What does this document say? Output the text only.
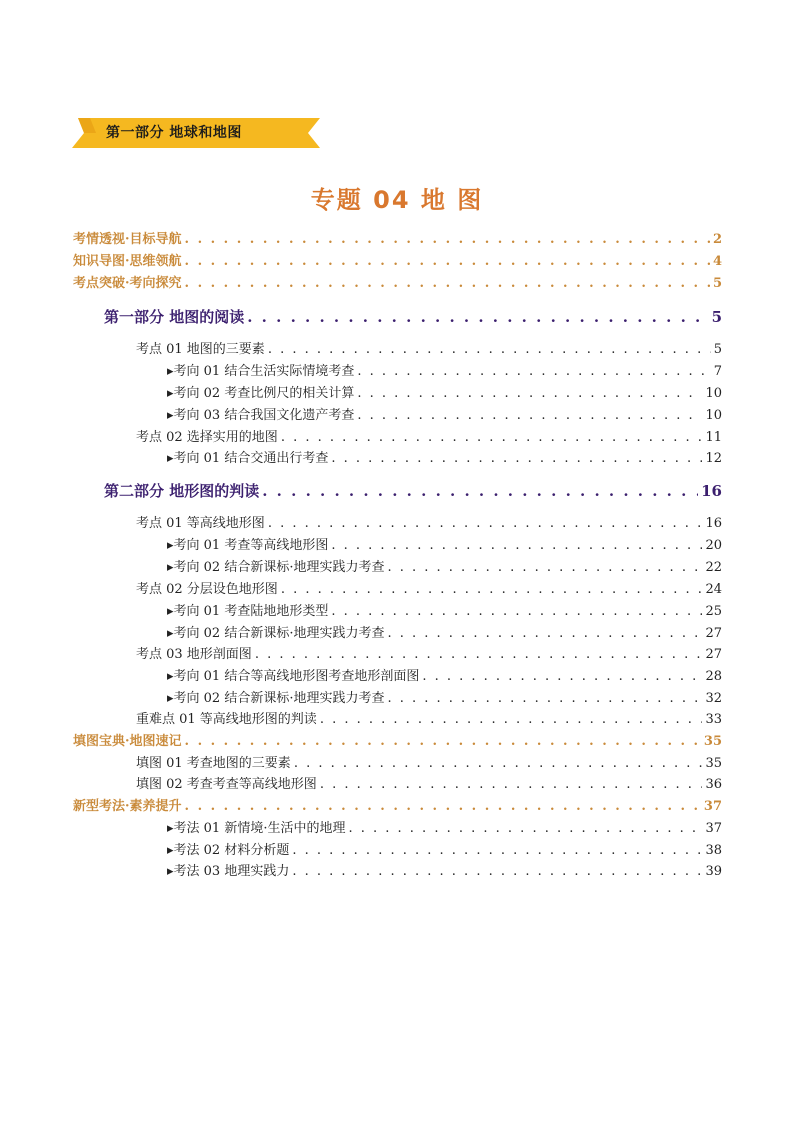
第一部分 地球和地图
专题 04 地 图
考情透视·目标导航 . . .	2
知识导图·思维领航 . . .	4
考点突破·考向探究 . . .	5
第一部分 地图的阅读 . . .	5
考点 01 地图的三要素 . . .	5
▸考向 01 结合生活实际情境考查 . . .	7
▸考向 02 考查比例尺的相关计算 . . .	10
▸考向 03 结合我国文化遗产考查 . . .	10
考点 02 选择实用的地图 . . .	11
▸考向 01 结合交通出行考查 . . .	12
第二部分 地形图的判读 . . .	16
考点 01 等高线地形图 . . .	16
▸考向 01 考查等高线地形图 . . .	20
▸考向 02 结合新课标·地理实践力考查 . . .	22
考点 02 分层设色地形图 . . .	24
▸考向 01 考查陆地地形类型 . . .	25
▸考向 02 结合新课标·地理实践力考查 . . .	27
考点 03 地形剖面图 . . .	27
▸考向 01 结合等高线地形图考查地形剖面图 . . .	28
▸考向 02 结合新课标·地理实践力考查 . . .	32
重难点 01 等高线地形图的判读 . . .	33
填图宝典·地图速记 . . .	35
填图 01 考查地图的三要素 . . .	35
填图 02 考查考查等高线地形图 . . .	36
新型考法·素养提升 . . .	37
▸考法 01 新情境·生活中的地理 . . .	37
▸考法 02 材料分析题 . . .	38
▸考法 03 地理实践力 . . .	39
